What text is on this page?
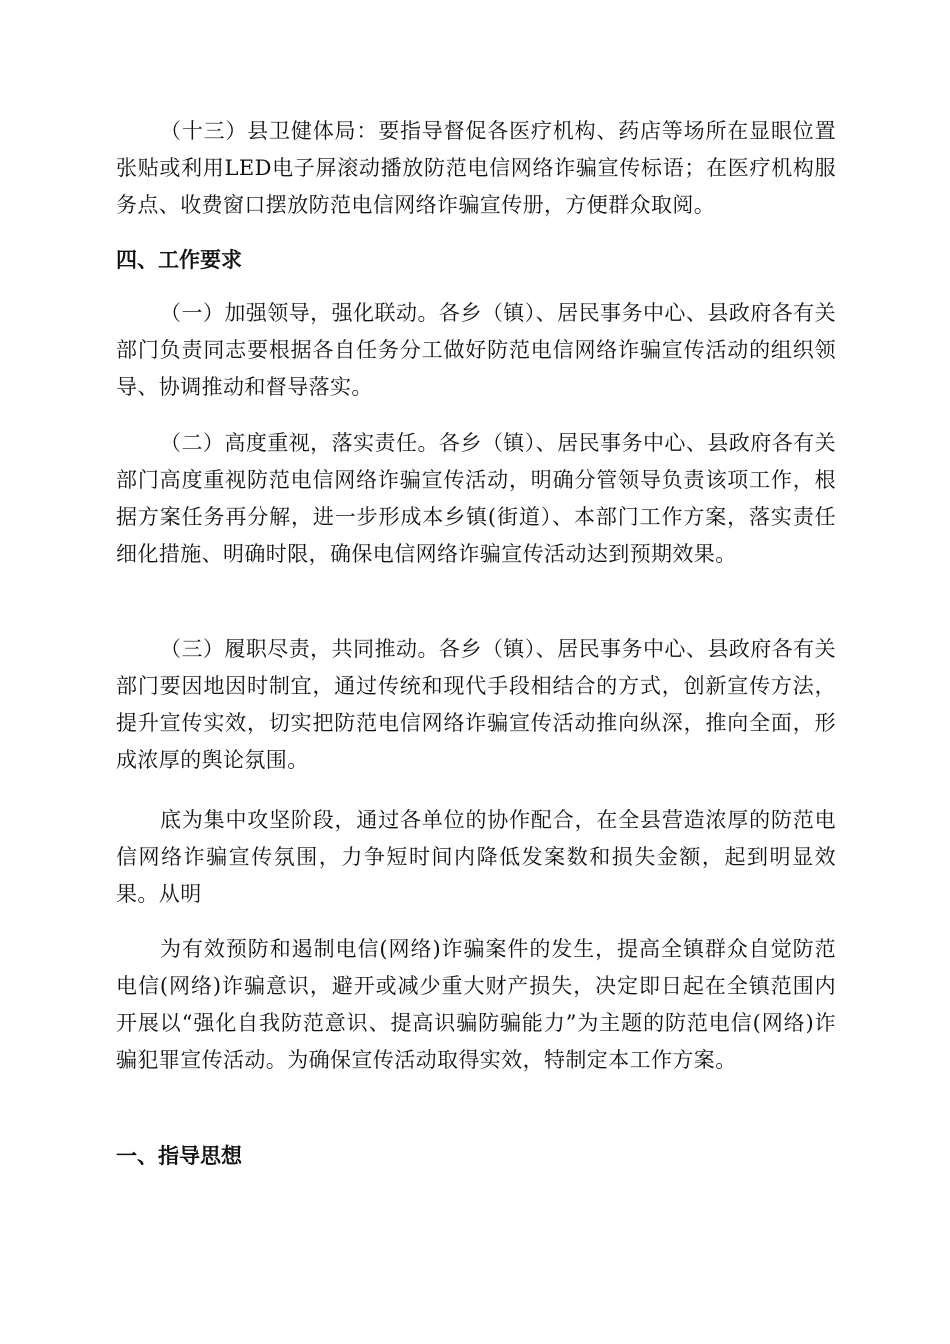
（十三）县卫健体局：要指导督促各医疗机构、药店等场所在显眼位置张贴或利用LED电子屏滚动播放防范电信网络诈骗宣传标语；在医疗机构服务点、收费窗口摆放防范电信网络诈骗宣传册，方便群众取阅。

四、工作要求

（一）加强领导，强化联动。各乡（镇）、居民事务中心、县政府各有关部门负责同志要根据各自任务分工做好防范电信网络诈骗宣传活动的组织领导、协调推动和督导落实。

（二）高度重视，落实责任。各乡（镇）、居民事务中心、县政府各有关部门高度重视防范电信网络诈骗宣传活动，明确分管领导负责该项工作，根据方案任务再分解，进一步形成本乡镇(街道）、本部门工作方案，落实责任细化措施、明确时限，确保电信网络诈骗宣传活动达到预期效果。

（三）履职尽责，共同推动。各乡（镇）、居民事务中心、县政府各有关部门要因地因时制宜，通过传统和现代手段相结合的方式，创新宣传方法，提升宣传实效，切实把防范电信网络诈骗宣传活动推向纵深，推向全面，形成浓厚的舆论氛围。

底为集中攻坚阶段，通过各单位的协作配合，在全县营造浓厚的防范电信网络诈骗宣传氛围，力争短时间内降低发案数和损失金额，起到明显效果。从明

为有效预防和遏制电信(网络)诈骗案件的发生，提高全镇群众自觉防范电信(网络)诈骗意识，避开或减少重大财产损失，决定即日起在全镇范围内开展以“强化自我防范意识、提高识骗防骗能力”为主题的防范电信(网络)诈骗犯罪宣传活动。为确保宣传活动取得实效，特制定本工作方案。

一、指导思想
